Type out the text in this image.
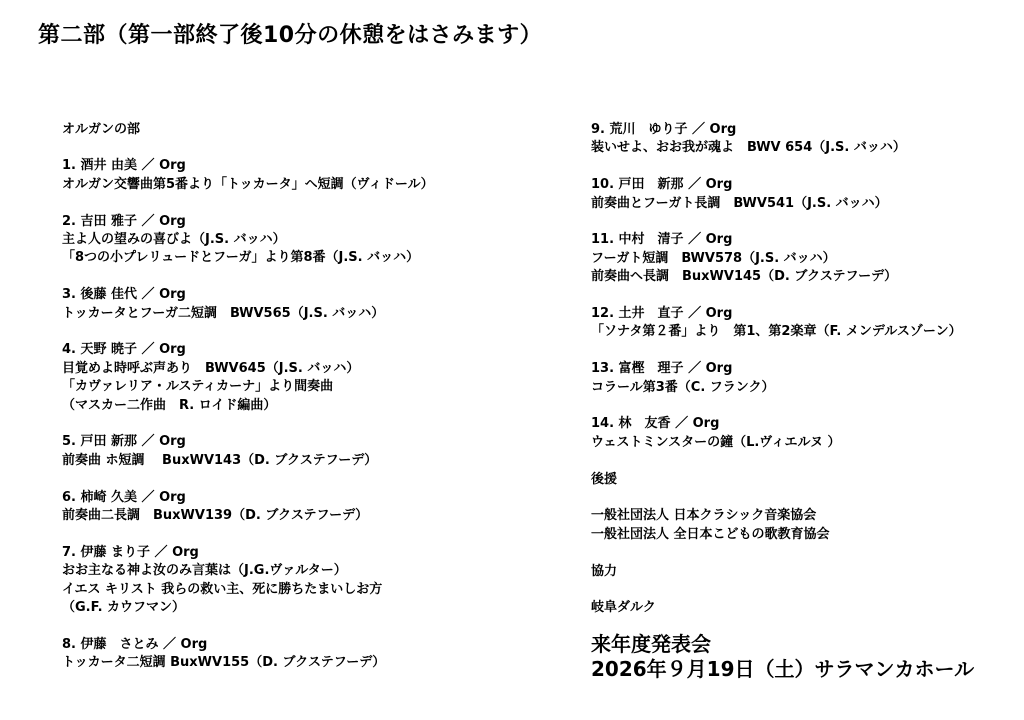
第二部（第一部終了後10分の休憩をはさみます）
オルガンの部
1. 酒井 由美 ／ Org
オルガン交響曲第5番より「トッカータ」ヘ短調（ヴィドール）
2. 吉田 雅子 ／ Org
主よ人の望みの喜びよ（J.S. バッハ）
「8つの小プレリュードとフーガ」より第8番（J.S. バッハ）
3. 後藤 佳代 ／ Org
トッカータとフーガ二短調　BWV565（J.S. バッハ）
4. 天野 暁子 ／ Org
目覚めよ時呼ぶ声あり　BWV645（J.S. バッハ）
「カヴァレリア・ルスティカーナ」より間奏曲
（マスカー二作曲　R. ロイド編曲）
5. 戸田 新那 ／ Org
前奏曲 ホ短調　 BuxWV143（D. ブクステフーデ）
6. 柿崎 久美 ／ Org
前奏曲二長調　BuxWV139（D. ブクステフーデ）
7. 伊藤 まり子 ／ Org
おお主なる神よ汝のみ言葉は（J.G.ヴァルター）
イエス キリスト 我らの救い主、死に勝ちたまいしお方
（G.F. カウフマン）
8. 伊藤　さとみ ／ Org
トッカータ二短調 BuxWV155（D. ブクステフーデ）
9. 荒川　ゆり子 ／ Org
装いせよ、おお我が魂よ　BWV 654（J.S. バッハ）
10. 戸田　新那 ／ Org
前奏曲とフーガト長調　BWV541（J.S. バッハ）
11. 中村　清子 ／ Org
フーガト短調　BWV578（J.S. バッハ）
前奏曲ヘ長調　BuxWV145（D. ブクステフーデ）
12. 土井　直子 ／ Org
「ソナタ第２番」より　第1、第2楽章（F. メンデルスゾーン）
13. 富樫　理子 ／ Org
コラール第3番（C. フランク）
14. 林　友香 ／ Org
ウェストミンスターの鐘（L.ヴィエルヌ ）
後援
一般社団法人 日本クラシック音楽協会
一般社団法人 全日本こどもの歌教育協会
協力
岐阜ダルク
来年度発表会
2026年９月19日（土）サラマンカホール
